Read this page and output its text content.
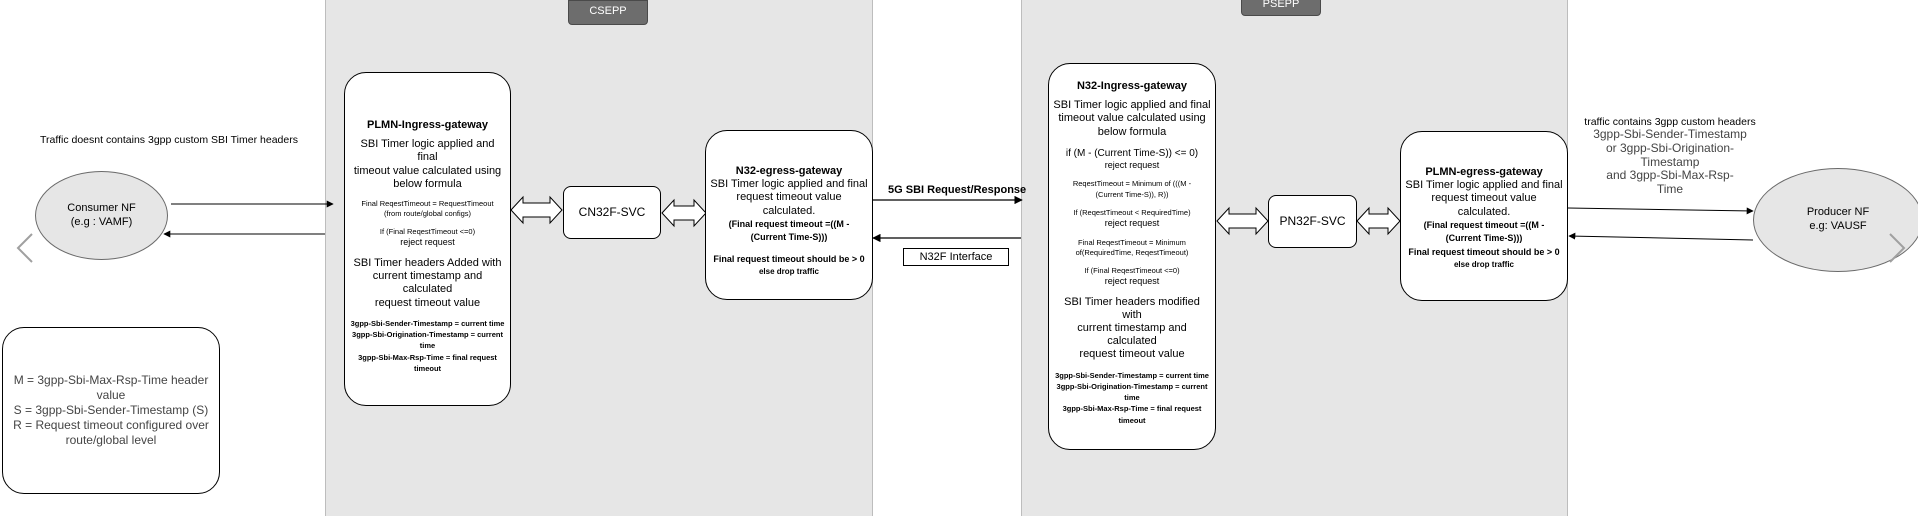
CSEPP
PSEPP
Traffic doesnt contains 3gpp custom SBI Timer headers
traffic contains 3gpp custom headers
3gpp-Sbi-Sender-Timestamp
or 3gpp-Sbi-Origination-
Timestamp
and 3gpp-Sbi-Max-Rsp-
Time
5G SBI Request/Response
N32F Interface
Consumer NF
(e.g : VAMF)
Producer NF
e.g: VAUSF
M = 3gpp-Sbi-Max-Rsp-Time header
value
S = 3gpp-Sbi-Sender-Timestamp (S)
R = Request timeout configured over
route/global level
PLMN-Ingress-gateway
SBI Timer logic applied and final
timeout value calculated using
below formula
Final ReqestTimeout = RequestTimeout
(from route/global configs)
If (Final ReqestTimeout <=0)
reject request
SBI Timer headers Added with
current timestamp and calculated
request timeout value
3gpp-Sbi-Sender-Timestamp = current time
3gpp-Sbi-Origination-Timestamp = current time
3gpp-Sbi-Max-Rsp-Time = final request timeout
CN32F-SVC
N32-egress-gateway
SBI Timer logic applied and final
request timeout value calculated.
(Final request timeout =((M -
(Current Time-S)))
Final request timeout should be > 0
else drop traffic
N32-Ingress-gateway
SBI Timer logic applied and final
timeout value calculated using
below formula
if (M - (Current Time-S)) <= 0)
reject request
ReqestTimeout = Minimum of (((M -
(Current Time-S)), R))
If (ReqestTimeout < RequiredTime)
reject request
Final ReqestTimeout = Minimum
of(RequiredTime, ReqestTimeout)
If (Final ReqestTimeout <=0)
reject request
SBI Timer headers modified with
current timestamp and calculated
request timeout value
3gpp-Sbi-Sender-Timestamp = current time
3gpp-Sbi-Origination-Timestamp = current time
3gpp-Sbi-Max-Rsp-Time = final request timeout
PN32F-SVC
PLMN-egress-gateway
SBI Timer logic applied and final
request timeout value calculated.
(Final request timeout =((M -
(Current Time-S)))
Final request timeout should be > 0
else drop traffic
